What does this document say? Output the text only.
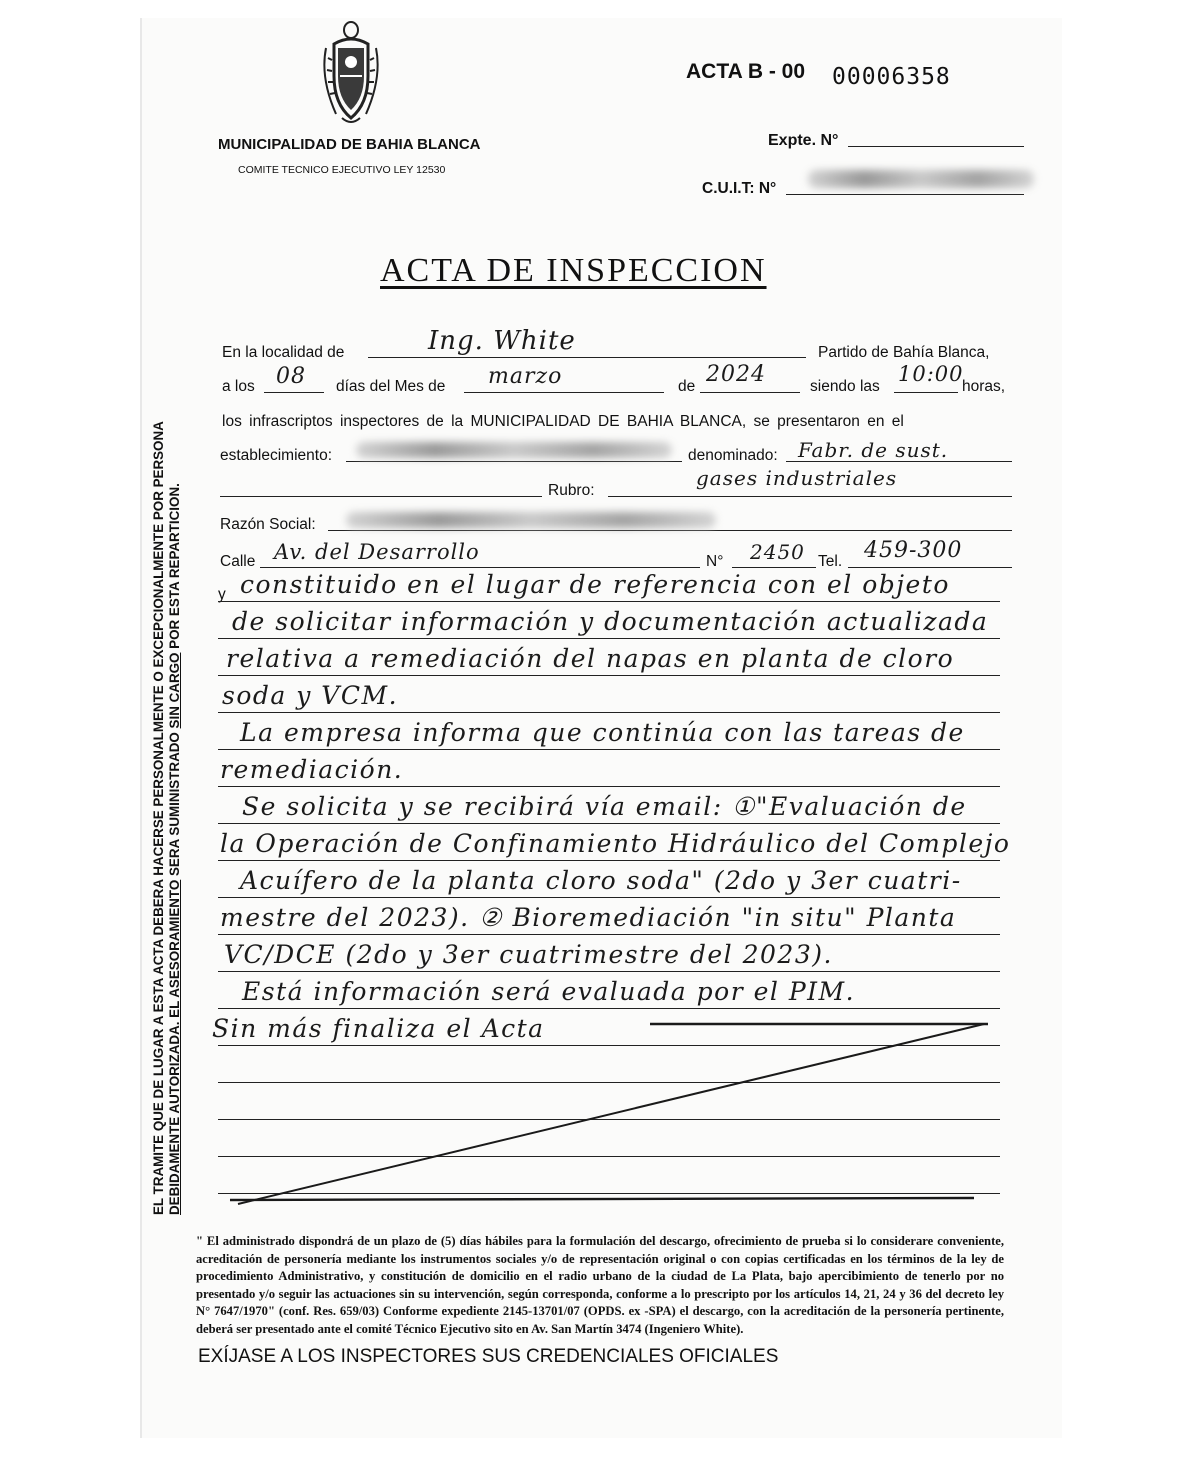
MUNICIPALIDAD DE BAHIA BLANCA
COMITE TECNICO EJECUTIVO LEY 12530
ACTA B - 00 00006358
Expte. N°
C.U.I.T: N°
ACTA DE INSPECCION
En la localidad de	Ing. White	Partido de Bahía Blanca,
a los 08 días del Mes de marzo	de 2024	siendo las
10:00
horas,
los infrascriptos inspectores de la MUNICIPALIDAD DE BAHIA BLANCA, se presentaron en el
establecimiento:	denominado: Fabr. de sust.
Rubro:
gases industriales
Razón Social:
Calle Av. del Desarrollo	N° 2450 Tel. 459-300
y constituido en el lugar de referencia con el objeto
de solicitar información y documentación actualizada
relativa a remediación del napas en planta de cloro
soda y VCM.
La empresa informa que continúa con las tareas de
remediación.
Se solicita y se recibirá vía email: ①"Evaluación de
la Operación de Confinamiento Hidráulico del Complejo
Acuífero de la planta cloro soda" (2do y 3er cuatri-
mestre del 2023). ② Bioremediación "in situ" Planta
VC/DCE (2do y 3er cuatrimestre del 2023).
Está información será evaluada por el PIM.
Sin más finaliza el Acta
EL TRAMITE QUE DE LUGAR A ESTA ACTA DEBERA HACERSE PERSONALMENTE O EXCEPCIONALMENTE POR PERSONA DEBIDAMENTE AUTORIZADA. EL ASESORAMIENTO SERA SUMINISTRADO SIN CARGO POR ESTA REPARTICION.
" El administrado dispondrá de un plazo de (5) días hábiles para la formulación del descargo, ofrecimiento de prueba si lo considerare conveniente, acreditación de personería mediante los instrumentos sociales y/o de representación original o con copias certificadas en los términos de la ley de procedimiento Administrativo, y constitución de domicilio en el radio urbano de la ciudad de La Plata, bajo apercibimiento de tenerlo por no presentado y/o seguir las actuaciones sin su intervención, según corresponda, conforme a lo prescripto por los artículos 14, 21, 24 y 36 del decreto ley N° 7647/1970" (conf. Res. 659/03) Conforme expediente 2145-13701/07 (OPDS. ex -SPA) el descargo, con la acreditación de la personería pertinente, deberá ser presentado ante el comité Técnico Ejecutivo sito en Av. San Martín 3474 (Ingeniero White).
EXÍJASE A LOS INSPECTORES SUS CREDENCIALES OFICIALES
